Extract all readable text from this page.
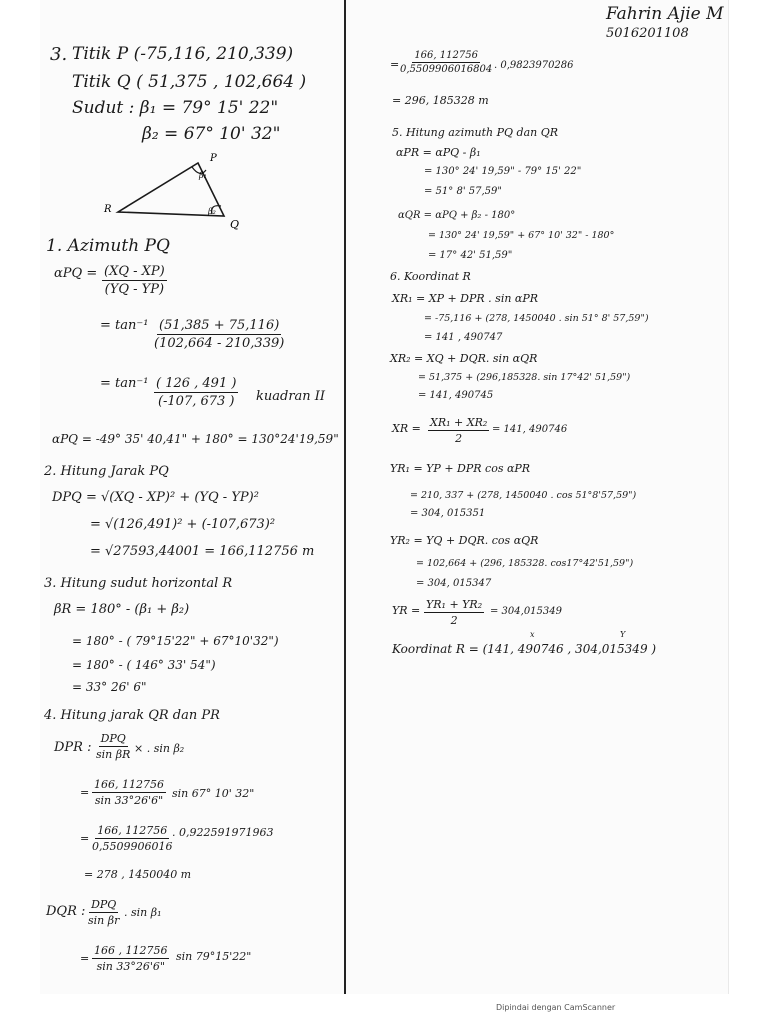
Fahrin Ajie M
5016201108
3. Titik P (-75,116, 210,339)
Titik Q ( 51,375 , 102,664 )
Sudut : β₁ = 79° 15' 22"
β₂ = 67° 10' 32"
β₁
β₂
P
R
Q
1. Azimuth PQ
$\alpha PQ = \frac{(XQ - XP)}{(YQ - YP)}$
= $\tan^{-1} \frac{(51,385 + 75,116)}{(102,664 - 210,339)}$
= $\tan^{-1} \frac{( 126 , 491 )}{(-107, 673 )}$ kuadran II
αPQ = -49° 35' 40,41" + 180° = 130°24'19,59"
2. Hitung Jarak PQ
DPQ = √(XQ - XP)² + (YQ - YP)²
= √(126,491)² + (-107,673)²
= √27593,44001 = 166,112756 m
3. Hitung sudut horizontal R
βR = 180° - (β₁ + β₂)
= 180° - ( 79°15'22" + 67°10'32")
= 180° - ( 146° 33' 54")
= 33° 26' 6"
4. Hitung jarak QR dan PR
DPR :
DPQ
sin βR × . sin β₂
= $\frac{166, 112756}{\sin 33^\circ 26'6"}$ sin 67° 10' 32"
= $\frac{166, 112756}{0,5509906016}$ . 0,922591971963
= 278 , 1450040 m
DQR : DPQ
sin βr
. sin β₁
= $\frac{166 , 112756}{\sin 33^\circ 26'6"}$ sin 79°15'22"
= $\frac{166, 112756}{0,5509906016804}$ . 0,9823970286
= 296, 185328 m
5. Hitung azimuth PQ dan QR
αPR = αPQ - β₁
= 130° 24' 19,59" - 79° 15' 22"
= 51° 8' 57,59"
αQR = αPQ + β₂ - 180°
= 130° 24' 19,59" + 67° 10' 32" - 180°
= 17° 42' 51,59"
6. Koordinat R
XR₁ = XP + DPR . sin αPR
= -75,116 + (278, 1450040 . sin 51° 8' 57,59")
= 141 , 490747
XR₂ = XQ + DQR. sin αQR
= 51,375 + (296,185328. sin 17°42' 51,59")
= 141, 490745
XR = $\frac{\text{XR₁ + XR₂}}{2} = 141$, 490746
YR₁ = YP + DPR cos αPR
= 210, 337 + (278, 1450040 . cos 51°8'57,59")
= 304, 015351
YR₂ = YQ + DQR. cos αQR
= 102,664 + (296, 185328. cos17°42'51,59")
= 304, 015347
YR = $\frac{\text{YR₁ + YR₂}}{2} = 304,015349$
x	Y
Koordinat R = (141, 490746 , 304,015349 )
Dipindai dengan CamScanner
